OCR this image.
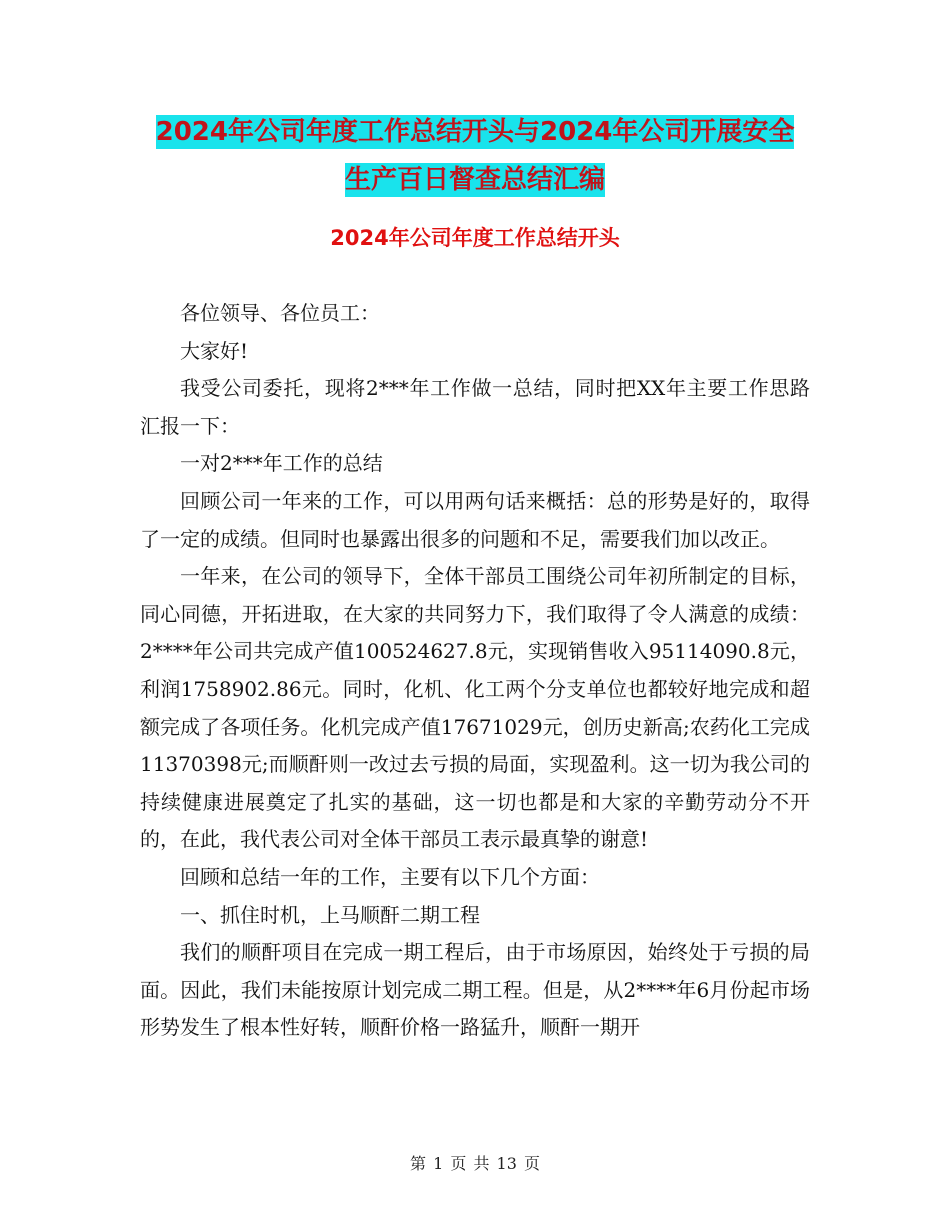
2024年公司年度工作总结开头与2024年公司开展安全
生产百日督查总结汇编
2024年公司年度工作总结开头

各位领导、各位员工：

大家好!

我受公司委托，现将2***年工作做一总结，同时把XX年主要工作思路汇报一下：

一对2***年工作的总结

回顾公司一年来的工作，可以用两句话来概括：总的形势是好的，取得了一定的成绩。但同时也暴露出很多的问题和不足，需要我们加以改正。

一年来，在公司的领导下，全体干部员工围绕公司年初所制定的目标，同心同德，开拓进取，在大家的共同努力下，我们取得了令人满意的成绩：2****年公司共完成产值100524627.8元，实现销售收入95114090.8元，利润1758902.86元。同时，化机、化工两个分支单位也都较好地完成和超额完成了各项任务。化机完成产值17671029元，创历史新高;农药化工完成11370398元;而顺酐则一改过去亏损的局面，实现盈利。这一切为我公司的持续健康进展奠定了扎实的基础，这一切也都是和大家的辛勤劳动分不开的，在此，我代表公司对全体干部员工表示最真挚的谢意!

回顾和总结一年的工作，主要有以下几个方面：

一、抓住时机，上马顺酐二期工程

我们的顺酐项目在完成一期工程后，由于市场原因，始终处于亏损的局面。因此，我们未能按原计划完成二期工程。但是，从2****年6月份起市场形势发生了根本性好转，顺酐价格一路猛升，顺酐一期开

第 1 页 共 13 页
